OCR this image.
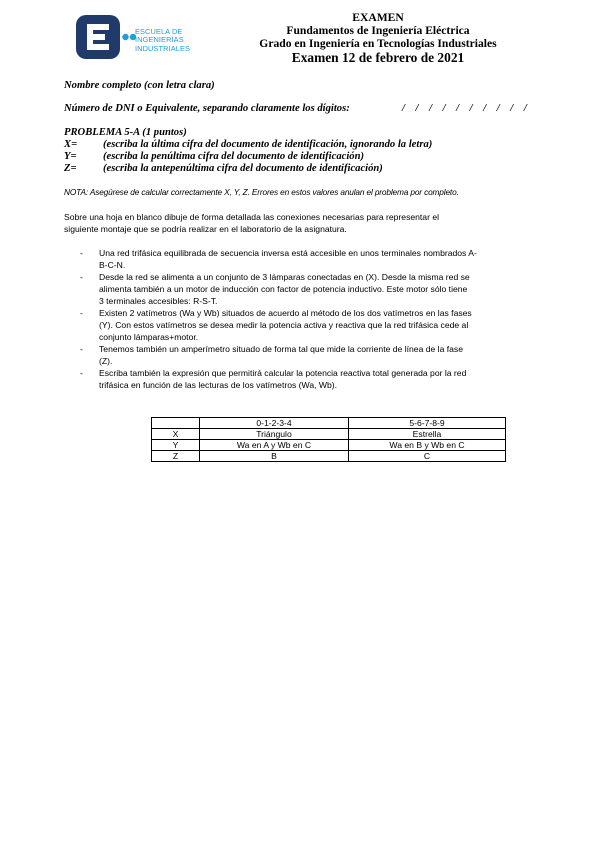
ESCUELA DE
INGENIERÍAS
INDUSTRIALES
EXAMEN
Fundamentos de Ingeniería Eléctrica
Grado en Ingeniería en Tecnologías Industriales
Examen 12 de febrero de 2021
Nombre completo (con letra clara)
Número de DNI o Equivalente, separando claramente los dígitos:	/    /    /    /    /    /    /    /    /    /
PROBLEMA 5-A (1 puntos)
X= (escriba la última cifra del documento de identificación, ignorando la letra)
Y= (escriba la penúltima cifra del documento de identificación)
Z= (escriba la antepenúltima cifra del documento de identificación)
NOTA: Asegúrese de calcular correctamente X, Y, Z. Errores en estos valores anulan el problema por completo.
Sobre una hoja en blanco dibuje de forma detallada las conexiones necesarias para representar el
siguiente montaje que se podría realizar en el laboratorio de la asignatura.
- Una red trifásica equilibrada de secuencia inversa está accesible en unos terminales nombrados A-
B-C-N.
- Desde la red se alimenta a un conjunto de 3 lámparas conectadas en (X). Desde la misma red se
alimenta también a un motor de inducción con factor de potencia inductivo. Este motor sólo tiene
3 terminales accesibles: R-S-T.
- Existen 2 vatímetros (Wa y Wb) situados de acuerdo al método de los dos vatímetros en las fases
(Y). Con estos vatímetros se desea medir la potencia activa y reactiva que la red trifásica cede al
conjunto lámparas+motor.
- Tenemos también un amperímetro situado de forma tal que mide la corriente de línea de la fase
(Z).
- Escriba también la expresión que permitirá calcular la potencia reactiva total generada por la red
trifásica en función de las lecturas de los vatímetros (Wa, Wb).
	0-1-2-3-4	5-6-7-8-9
X	Triángulo	Estrella
Y	Wa en A y Wb en C	Wa en B y Wb en C
Z	B	C
